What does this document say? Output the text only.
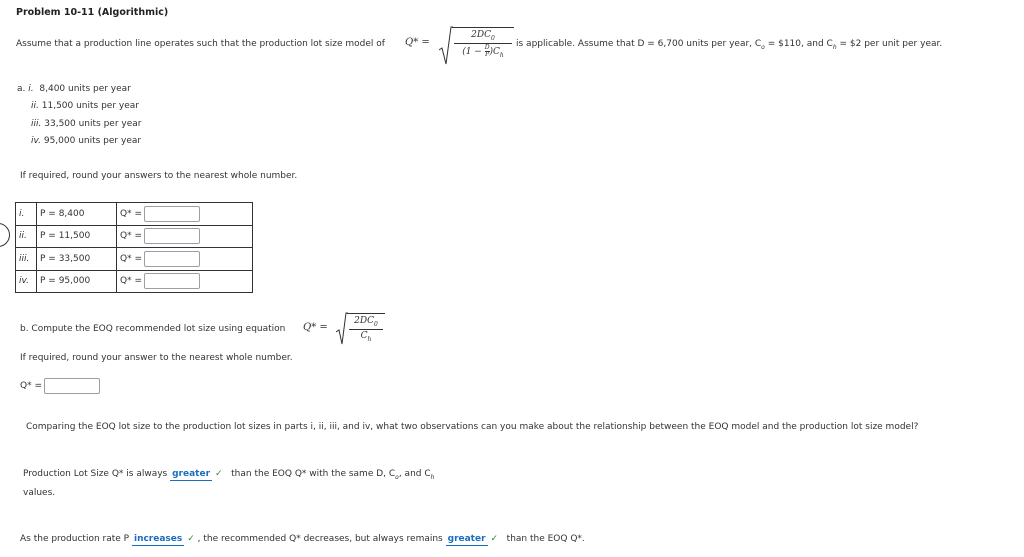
Problem 10-11 (Algorithmic)
Assume that a production line operates such that the production lot size model of Q* =
$2DC_0$
$(1 - \frac{D}{P} )C_h$
is applicable. Assume that D = 6,700 units per year, $C_o$ = $110, and $C_h$ = $2 per unit per year.
a. i. 8,400 units per year
ii. 11,500 units per year
iii. 33,500 units per year
iv. 95,000 units per year
If required, round your answers to the nearest whole number.
i.	P = 8,400	Q* =
ii.	P = 11,500	Q* =
iii.	P = 33,500	Q* =
iv.	P = 95,000	Q* =
b. Compute the EOQ recommended lot size using equation Q* =
$2DC_0$
$C_h$
If required, round your answer to the nearest whole number.
Q* =
Comparing the EOQ lot size to the production lot sizes in parts i, ii, iii, and iv, what two observations can you make about the relationship between the EOQ model and the production lot size model?
Production Lot Size Q* is always greater ✓ than the EOQ Q* with the same D, $C_o$, and $C_h$
values.
As the production rate P increases ✓ , the recommended Q* decreases, but always remains greater ✓ than the EOQ Q*.
